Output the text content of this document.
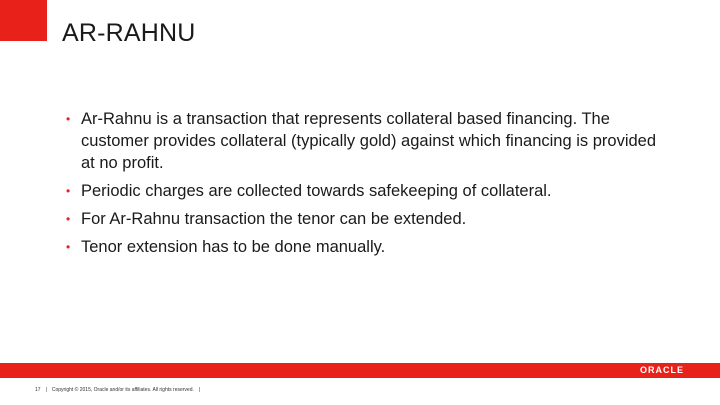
AR-RAHNU
• Ar-Rahnu is a transaction that represents collateral based financing. The customer provides collateral (typically gold) against which financing is provided at no profit.
• Periodic charges are collected towards safekeeping of collateral.
• For Ar-Rahnu transaction the tenor can be extended.
• Tenor extension has to be done manually.
ORACLE
17 | Copyright © 2015, Oracle and/or its affiliates. All rights reserved. |
